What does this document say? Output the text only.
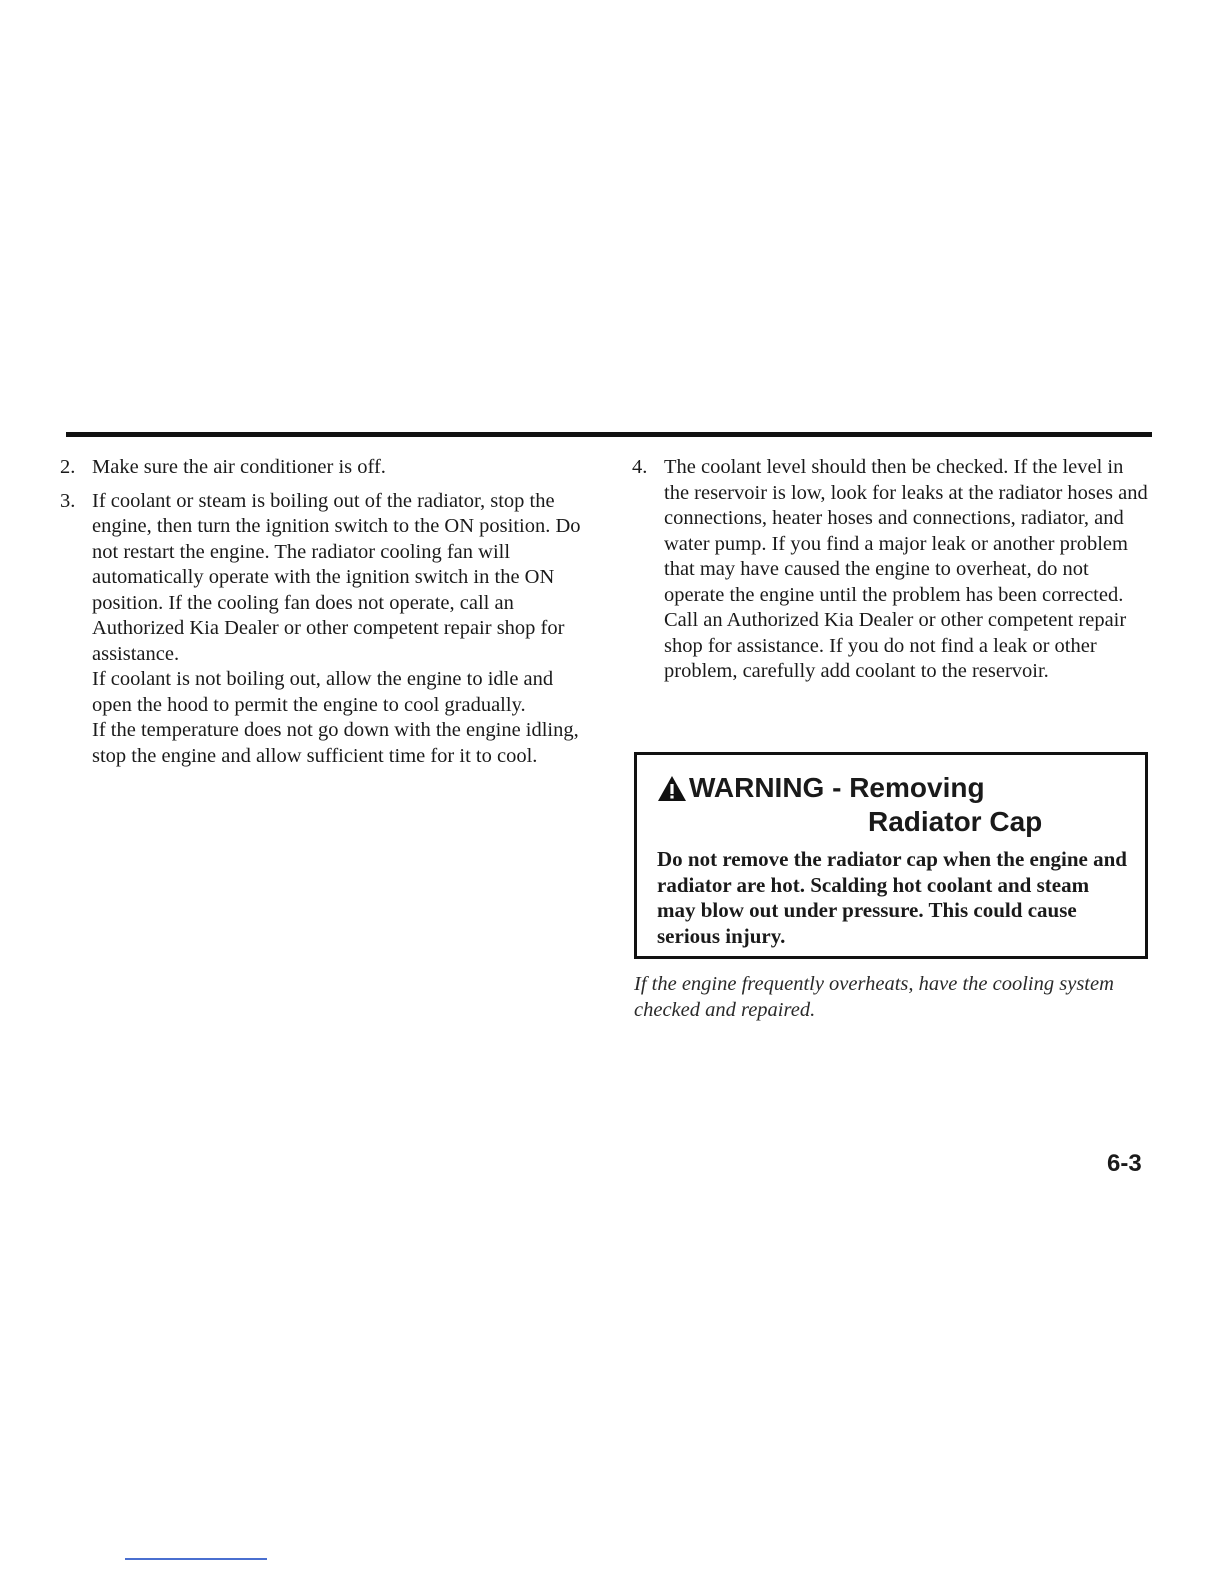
2. Make sure the air conditioner is off.

3. If coolant or steam is boiling out of the radiator, stop the engine, then turn the ignition switch to the ON position. Do not restart the engine. The radiator cooling fan will automatically operate with the ignition switch in the ON position. If the cooling fan does not operate, call an Authorized Kia Dealer or other competent repair shop for assistance.

If coolant is not boiling out, allow the engine to idle and open the hood to permit the engine to cool gradually.

If the temperature does not go down with the engine idling, stop the engine and allow sufficient time for it to cool.

4. The coolant level should then be checked. If the level in the reservoir is low, look for leaks at the radiator hoses and connections, heater hoses and connections, radiator, and water pump. If you find a major leak or another problem that may have caused the engine to overheat, do not operate the engine until the problem has been corrected. Call an Authorized Kia Dealer or other competent repair shop for assistance. If you do not find a leak or other problem, carefully add coolant to the reservoir.

WARNING - Removing
Radiator Cap
Do not remove the radiator cap when the engine and radiator are hot. Scalding hot coolant and steam may blow out under pressure. This could cause serious injury.
If the engine frequently overheats, have the cooling system checked and repaired.
6-3
